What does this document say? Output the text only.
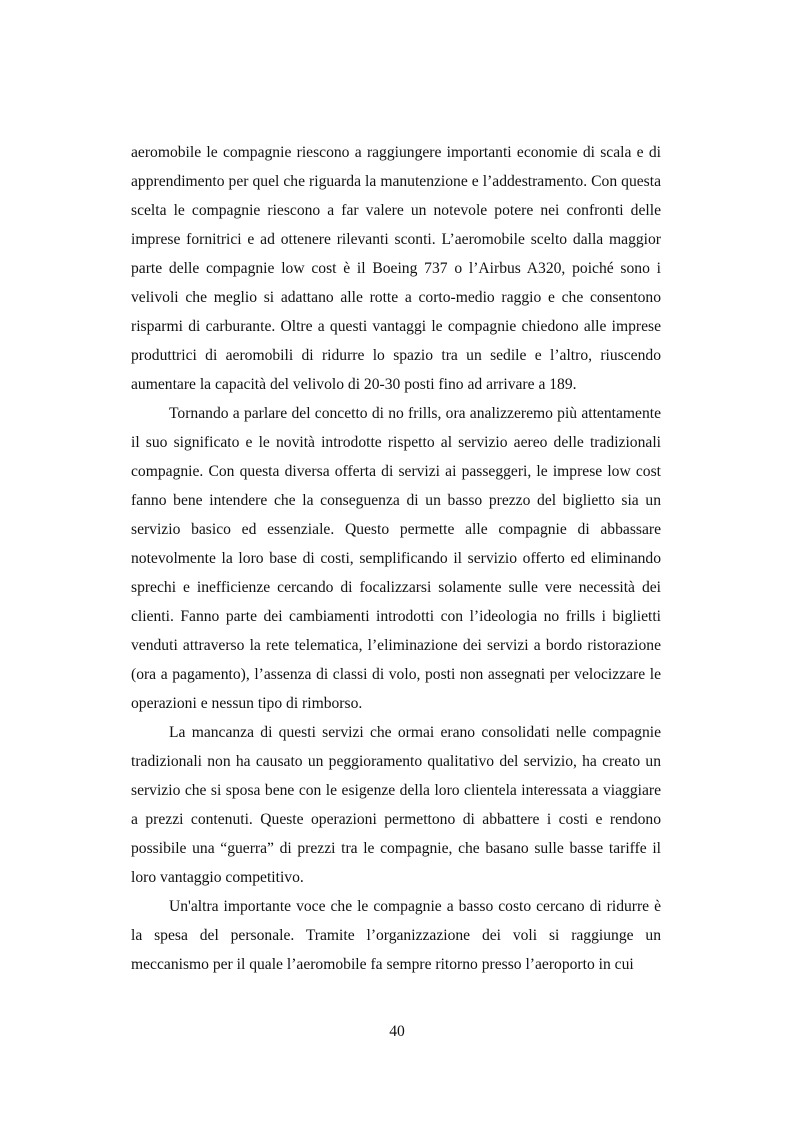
aeromobile le compagnie riescono a raggiungere importanti economie di scala e di apprendimento per quel che riguarda la manutenzione e l’addestramento. Con questa scelta le compagnie riescono a far valere un notevole potere nei confronti delle imprese fornitrici e ad ottenere rilevanti sconti. L’aeromobile scelto dalla maggior parte delle compagnie low cost è il Boeing 737 o l’Airbus A320, poiché sono i velivoli che meglio si adattano alle rotte a corto-medio raggio e che consentono risparmi di carburante. Oltre a questi vantaggi le compagnie chiedono alle imprese produttrici di aeromobili di ridurre lo spazio tra un sedile e l’altro, riuscendo aumentare la capacità del velivolo di 20-30 posti fino ad arrivare a 189.

Tornando a parlare del concetto di no frills, ora analizzeremo più attentamente il suo significato e le novità introdotte rispetto al servizio aereo delle tradizionali compagnie. Con questa diversa offerta di servizi ai passeggeri, le imprese low cost fanno bene intendere che la conseguenza di un basso prezzo del biglietto sia un servizio basico ed essenziale. Questo permette alle compagnie di abbassare notevolmente la loro base di costi, semplificando il servizio offerto ed eliminando sprechi e inefficienze cercando di focalizzarsi solamente sulle vere necessità dei clienti. Fanno parte dei cambiamenti introdotti con l’ideologia no frills i biglietti venduti attraverso la rete telematica, l’eliminazione dei servizi a bordo ristorazione (ora a pagamento), l’assenza di classi di volo, posti non assegnati per velocizzare le operazioni e nessun tipo di rimborso.

La mancanza di questi servizi che ormai erano consolidati nelle compagnie tradizionali non ha causato un peggioramento qualitativo del servizio, ha creato un servizio che si sposa bene con le esigenze della loro clientela interessata a viaggiare a prezzi contenuti. Queste operazioni permettono di abbattere i costi e rendono possibile una “guerra” di prezzi tra le compagnie, che basano sulle basse tariffe il loro vantaggio competitivo.

Un'altra importante voce che le compagnie a basso costo cercano di ridurre è la spesa del personale. Tramite l’organizzazione dei voli si raggiunge un meccanismo per il quale l’aeromobile fa sempre ritorno presso l’aeroporto in cui

40
